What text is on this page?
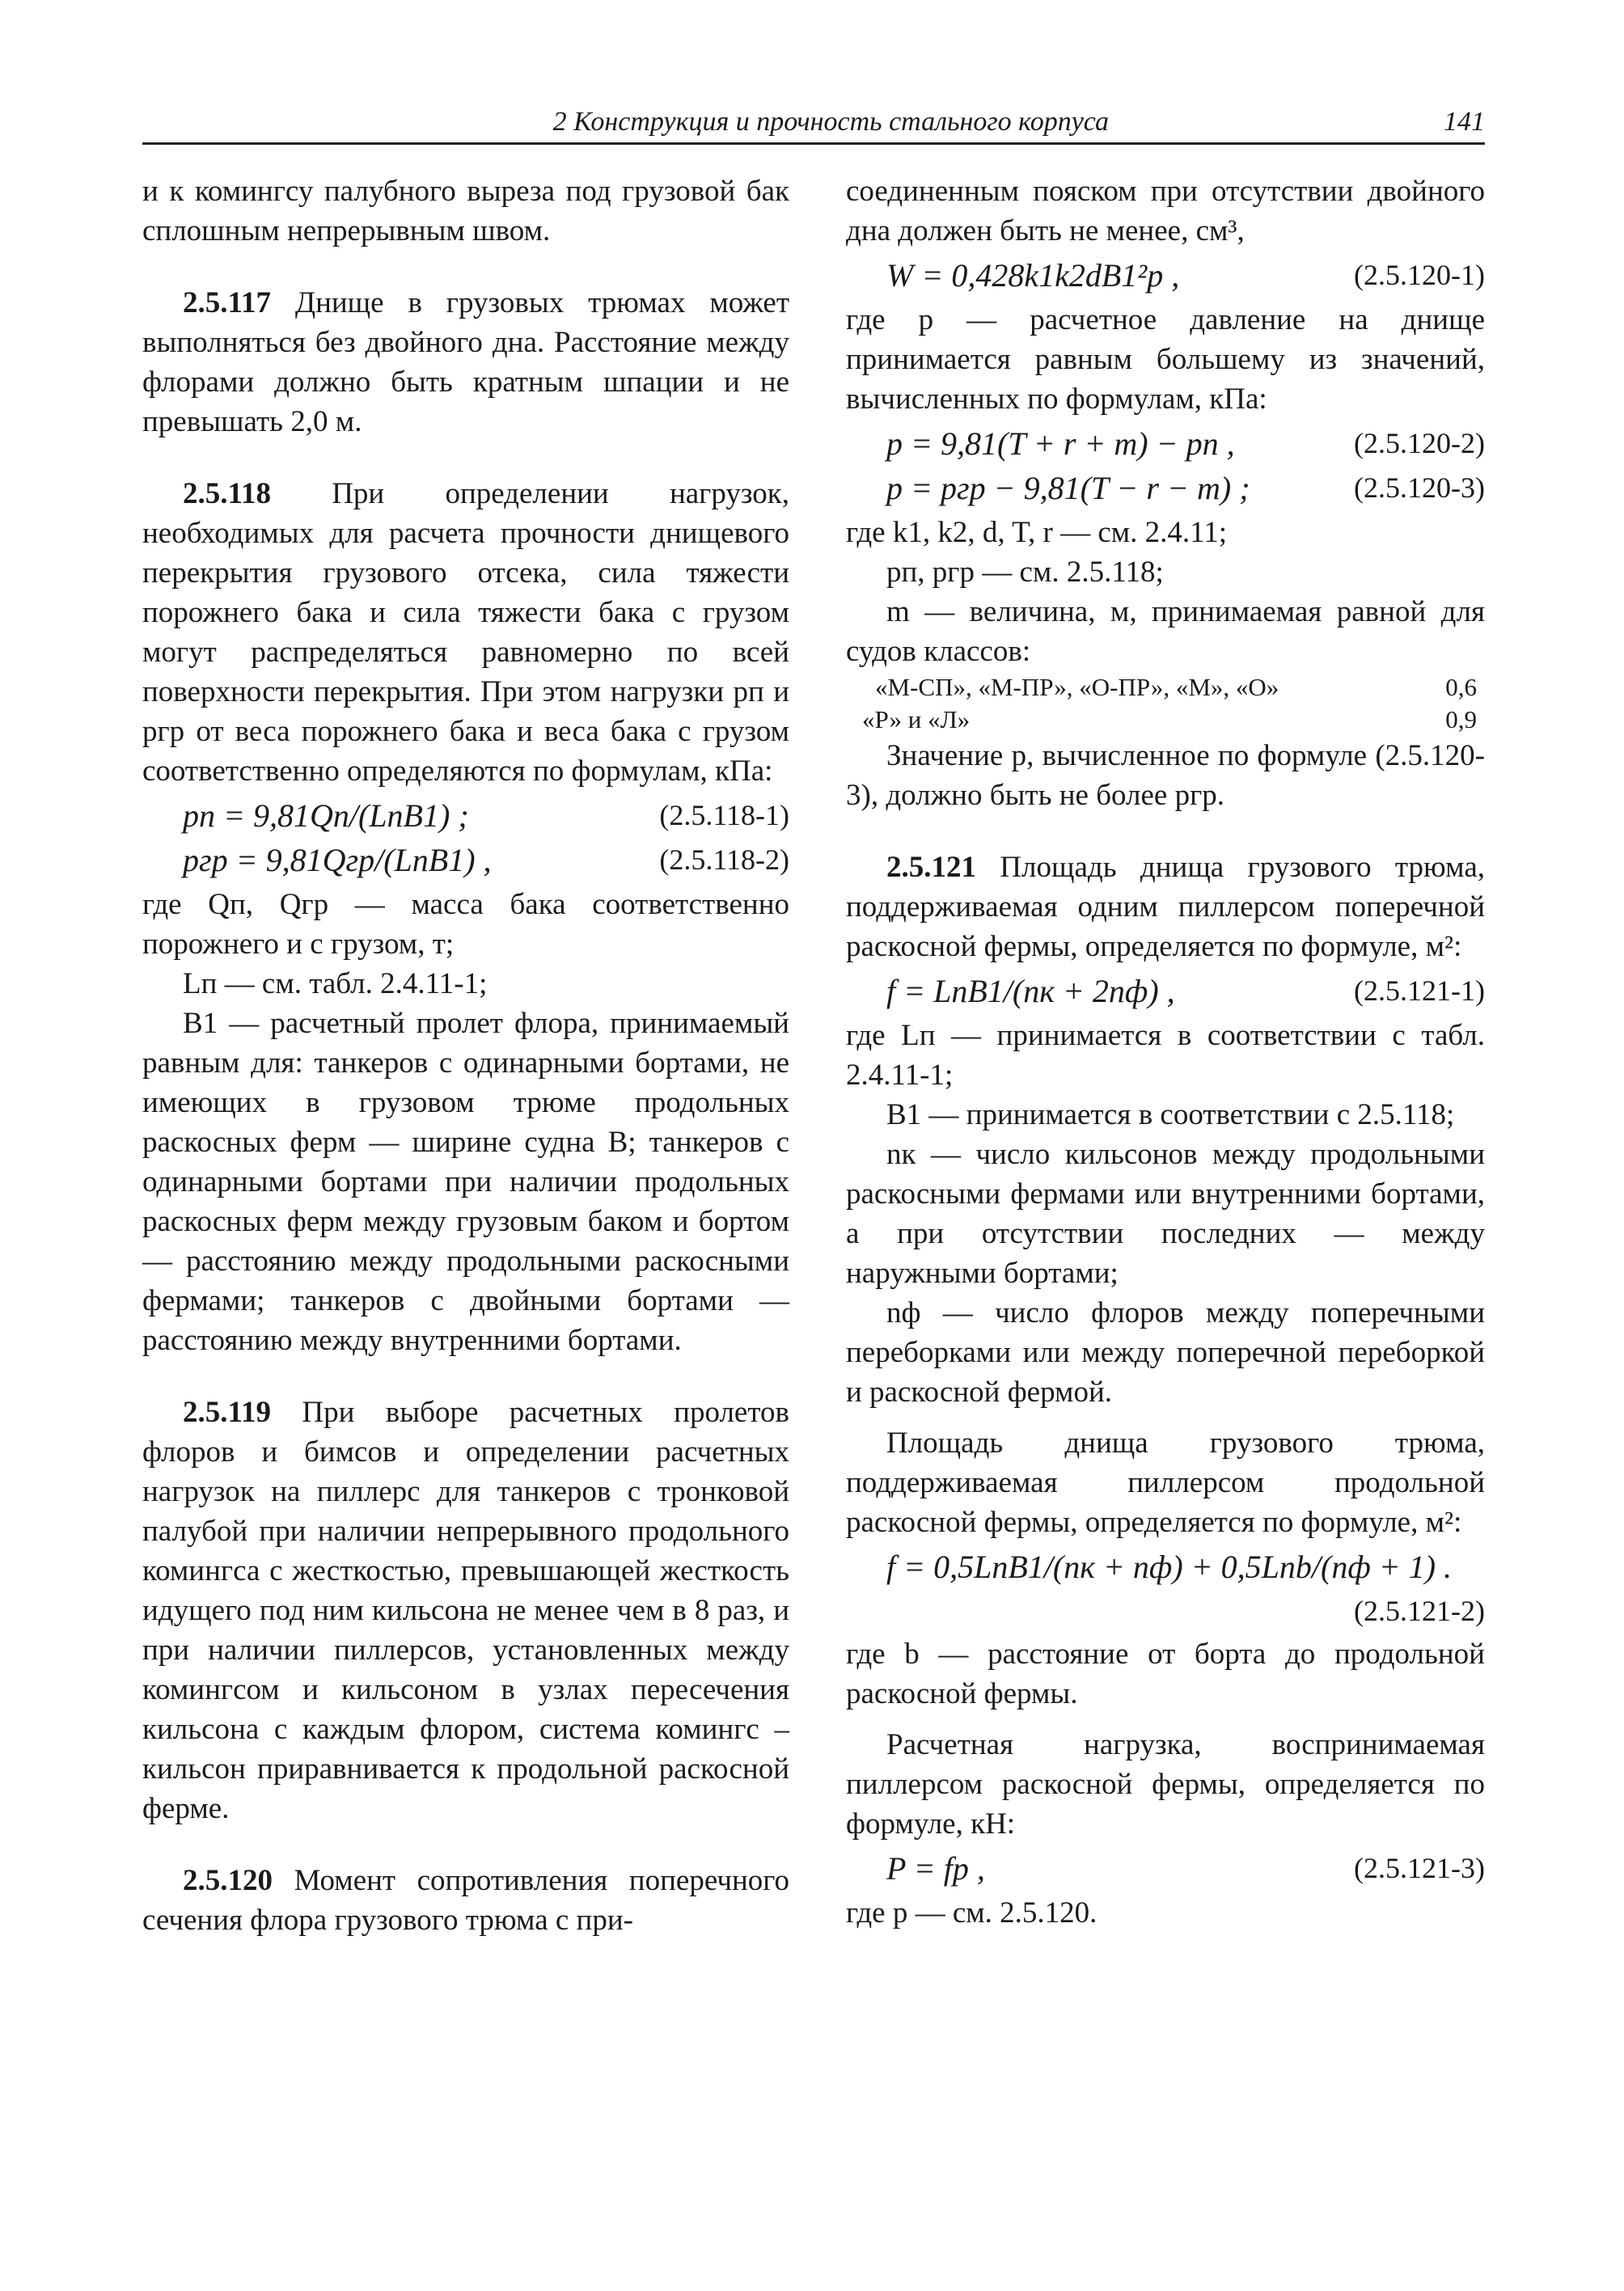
2 Конструкция и прочность стального корпуса	141

и к комингсу палубного выреза под грузовой бак сплошным непрерывным швом.

2.5.117 Днище в грузовых трюмах может выполняться без двойного дна. Расстояние между флорами должно быть кратным шпации и не превышать 2,0 м.

2.5.118 При определении нагрузок, необходимых для расчета прочности днищевого перекрытия грузового отсека, сила тяжести порожнего бака и сила тяжести бака с грузом могут распределяться равномерно по всей поверхности перекрытия. При этом нагрузки pп и pгр от веса порожнего бака и веса бака с грузом соответственно определяются по формулам, кПа:

pп = 9,81Qп/(LпB1) ;	(2.5.118-1)
pгр = 9,81Qгр/(LпB1) ,	(2.5.118-2)

где Qп, Qгр — масса бака соответственно порожнего и с грузом, т;

Lп — см. табл. 2.4.11-1;

B1 — расчетный пролет флора, принимаемый равным для: танкеров с одинарными бортами, не имеющих в грузовом трюме продольных раскосных ферм — ширине судна B; танкеров с одинарными бортами при наличии продольных раскосных ферм между грузовым баком и бортом — расстоянию между продольными раскосными фермами; танкеров с двойными бортами — расстоянию между внутренними бортами.

2.5.119 При выборе расчетных пролетов флоров и бимсов и определении расчетных нагрузок на пиллерс для танкеров с тронковой палубой при наличии непрерывного продольного комингса с жесткостью, превышающей жесткость идущего под ним кильсона не менее чем в 8 раз, и при наличии пиллерсов, установленных между комингсом и кильсоном в узлах пересечения кильсона с каждым флором, система комингс – кильсон приравнивается к продольной раскосной ферме.

2.5.120 Момент сопротивления поперечного сечения флора грузового трюма с при-

соединенным пояском при отсутствии двойного дна должен быть не менее, см³,

W = 0,428k1k2dB1²p ,	(2.5.120-1)

где p — расчетное давление на днище принимается равным большему из значений, вычисленных по формулам, кПа:

p = 9,81(T + r + m) − pп ,	(2.5.120-2)
p = pгр − 9,81(T − r − m) ;	(2.5.120-3)

где k1, k2, d, T, r — см. 2.4.11;

pп, pгр — см. 2.5.118;

m — величина, м, принимаемая равной для судов классов:

«М-СП», «М-ПР», «О-ПР», «М», «О»	0,6
«Р» и «Л»	0,9

Значение p, вычисленное по формуле (2.5.120-3), должно быть не более pгр.

2.5.121 Площадь днища грузового трюма, поддерживаемая одним пиллерсом поперечной раскосной фермы, определяется по формуле, м²:

f = LпB1/(nк + 2nф) ,	(2.5.121-1)

где Lп — принимается в соответствии с табл. 2.4.11-1;

B1 — принимается в соответствии с 2.5.118;

nк — число кильсонов между продольными раскосными фермами или внутренними бортами, а при отсутствии последних — между наружными бортами;

nф — число флоров между поперечными переборками или между поперечной переборкой и раскосной фермой.

Площадь днища грузового трюма, поддерживаемая пиллерсом продольной раскосной фермы, определяется по формуле, м²:

f = 0,5LпB1/(nк + nф) + 0,5Lпb/(nф + 1) .
(2.5.121-2)

где b — расстояние от борта до продольной раскосной фермы.

Расчетная нагрузка, воспринимаемая пиллерсом раскосной фермы, определяется по формуле, кН:

P = fp ,	(2.5.121-3)

где p — см. 2.5.120.
